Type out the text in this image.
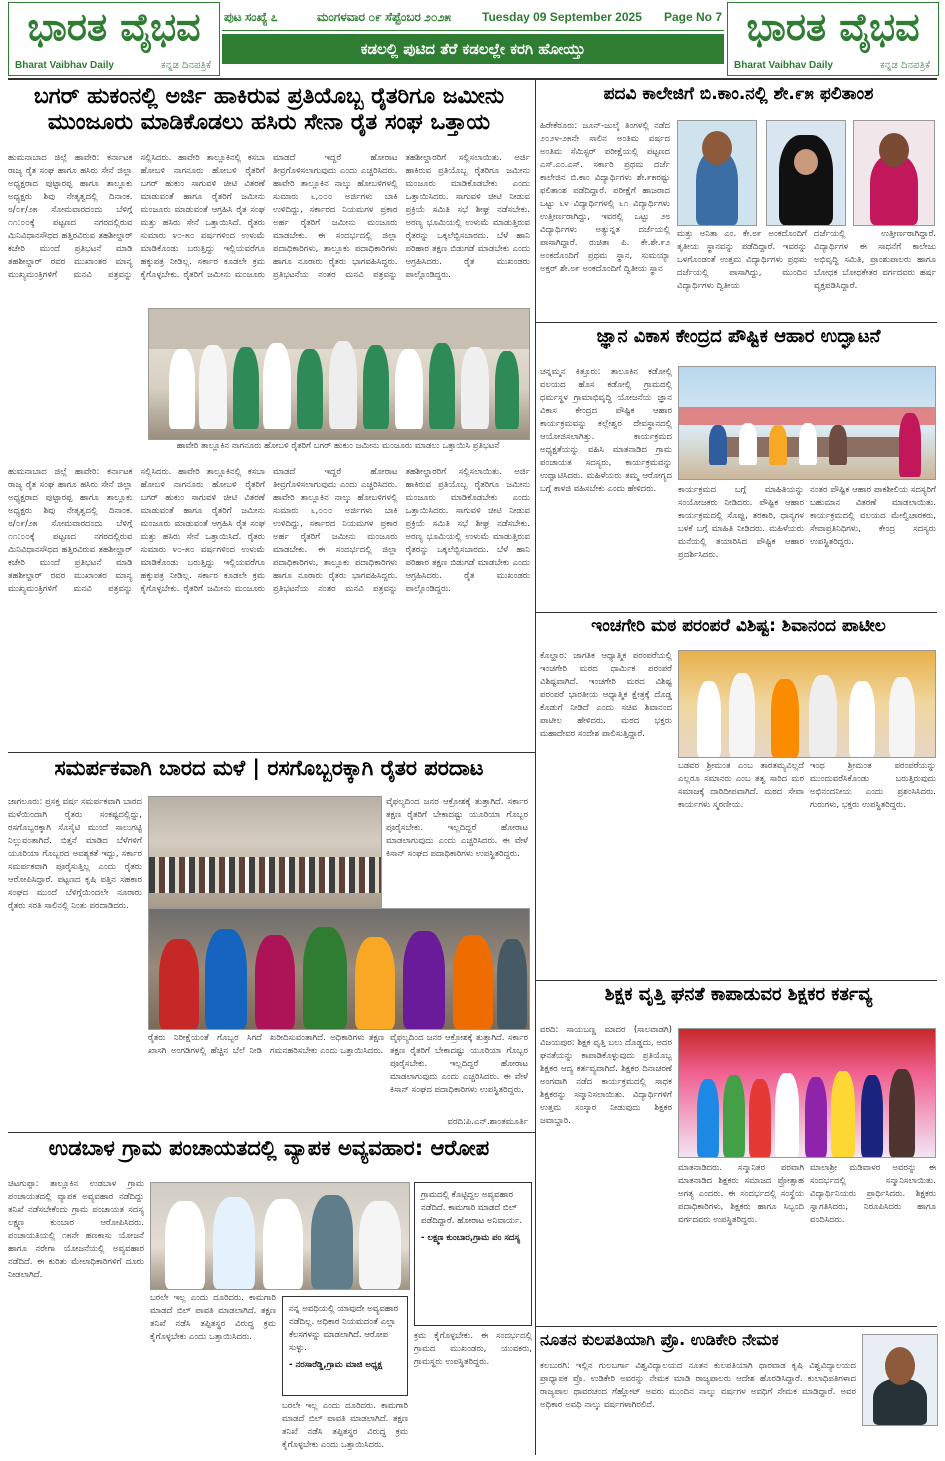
ಭಾರತ ವೈಭವ
Bharat Vaibhav Daily	ಕನ್ನಡ ದಿನಪತ್ರಿಕೆ
ಪುಟ ಸಂಖ್ಯೆ ೭	ಮಂಗಳವಾರ ೦೯ ಸೆಪ್ಟೆಂಬರ ೨೦೨೫	Tuesday 09 September 2025 Page No 7
ಕಡಲಲ್ಲಿ ಪುಟಿದ ತೆರೆ ಕಡಲಲ್ಲೇ ಕರಗಿ ಹೋಯ್ತು	ಭಾರತ ವೈಭವ
Bharat Vaibhav Daily	ಕನ್ನಡ ದಿನಪತ್ರಿಕೆ
ಬಗರ್ ಹುಕಂನಲ್ಲಿ ಅರ್ಜಿ ಹಾಕಿರುವ ಪ್ರತಿಯೊಬ್ಬ ರೈತರಿಗೂ ಜಮೀನು ಮುಂಜೂರು ಮಾಡಿಕೊಡಲು ಹಸಿರು ಸೇನಾ ರೈತ ಸಂಘ ಒತ್ತಾಯ
ಹುಮನಾಬಾದ ಜಿಲ್ಲೆ ಹಾವೇರಿ: ಕರ್ನಾಟಕ ರಾಜ್ಯ ರೈತ ಸಂಘ ಹಾಗೂ ಹಸಿರು ಸೇನೆ ಜಿಲ್ಲಾ ಅಧ್ಯಕ್ಷರಾದ ಪುಟ್ಟಾರಪ್ಪ ಹಾಗೂ ತಾಲ್ಲೂಕು ಅಧ್ಯಕ್ಷರು ಶಿವು ನೇತೃತ್ವದಲ್ಲಿ ದಿನಾಂಕ. ೮/೦೯/೨೫ ಸೋಮವಾರದಂದು ಬೆಳಿಗ್ಗೆ ೧೧:೦೦ಕ್ಕೆ ಪಟ್ಟಣದ ನಗರದಲ್ಲಿರುವ ಮಿನಿವಿಧಾನಸೌಧದ ಹತ್ತಿರವಿರುವ ತಹಶೀಲ್ದಾರ್ ಕಚೇರಿ ಮುಂದೆ ಪ್ರತಿಭಟನೆ ಮಾಡಿ ತಹಶೀಲ್ದಾರ್ ರವರ ಮುಖಾಂತರ ಮಾನ್ಯ ಮುಖ್ಯಮಂತ್ರಿಗಳಿಗೆ ಮನವಿ ಪತ್ರವನ್ನು ಸಲ್ಲಿಸಿದರು. ಹಾವೇರಿ ತಾಲ್ಲೂಕಿನಲ್ಲಿ ಕಸಬಾ ಹೋಬಳಿ ನಾಗನೂರು ಹೋಬಳಿ ರೈತರಿಗೆ ಬಗರ್ ಹುಕುಂ ಸಾಗುವಳಿ ಚೀಟಿ ವಿತರಣೆ ಮಾಡುವಂತೆ ಹಾಗೂ ರೈತರಿಗೆ ಜಮೀನು ಮಂಜೂರು ಮಾಡುವಂತೆ ಆಗ್ರಹಿಸಿ ರೈತ ಸಂಘ ಮತ್ತು ಹಸಿರು ಸೇನೆ ಒತ್ತಾಯಿಸಿದೆ. ರೈತರು ಸುಮಾರು ೪೦-೫೦ ವರ್ಷಗಳಿಂದ ಉಳುಮೆ ಮಾಡಿಕೊಂಡು ಬರುತ್ತಿದ್ದು ಇಲ್ಲಿಯವರೆಗೂ ಹಕ್ಕುಪತ್ರ ನೀಡಿಲ್ಲ. ಸರ್ಕಾರ ಕೂಡಲೇ ಕ್ರಮ ಕೈಗೊಳ್ಳಬೇಕು. ರೈತರಿಗೆ ಜಮೀನು ಮಂಜೂರು ಮಾಡದೆ ಇದ್ದರೆ ಹೋರಾಟ ತೀವ್ರಗೊಳಿಸಲಾಗುವುದು ಎಂದು ಎಚ್ಚರಿಸಿದರು. ಹಾವೇರಿ ತಾಲ್ಲೂಕಿನ ನಾಲ್ಕು ಹೋಬಳಿಗಳಲ್ಲಿ ಸುಮಾರು ೬,೦೦೦ ಅರ್ಜಿಗಳು ಬಾಕಿ ಉಳಿದಿದ್ದು, ಸರ್ಕಾರದ ನಿಯಮಗಳ ಪ್ರಕಾರ ಅರ್ಹ ರೈತರಿಗೆ ಜಮೀನು ಮಂಜೂರು ಮಾಡಬೇಕು. ಈ ಸಂದರ್ಭದಲ್ಲಿ ಜಿಲ್ಲಾ ಪದಾಧಿಕಾರಿಗಳು, ತಾಲ್ಲೂಕು ಪದಾಧಿಕಾರಿಗಳು ಹಾಗೂ ನೂರಾರು ರೈತರು ಭಾಗವಹಿಸಿದ್ದರು. ಪ್ರತಿಭಟನೆಯ ನಂತರ ಮನವಿ ಪತ್ರವನ್ನು ತಹಶೀಲ್ದಾರರಿಗೆ ಸಲ್ಲಿಸಲಾಯಿತು. ಅರ್ಜಿ ಹಾಕಿರುವ ಪ್ರತಿಯೊಬ್ಬ ರೈತರಿಗೂ ಜಮೀನು ಮಂಜೂರು ಮಾಡಿಕೊಡಬೇಕು ಎಂದು ಒತ್ತಾಯಿಸಿದರು. ಸಾಗುವಳಿ ಚೀಟಿ ನೀಡುವ ಪ್ರಕ್ರಿಯೆ ಸಮಿತಿ ಸಭೆ ಶೀಘ್ರ ನಡೆಸಬೇಕು. ಅರಣ್ಯ ಭೂಮಿಯಲ್ಲಿ ಉಳುಮೆ ಮಾಡುತ್ತಿರುವ ರೈತರನ್ನು ಒಕ್ಕಲೆಬ್ಬಿಸಬಾರದು. ಬೆಳೆ ಹಾನಿ ಪರಿಹಾರ ತಕ್ಷಣ ಬಿಡುಗಡೆ ಮಾಡಬೇಕು ಎಂದು ಆಗ್ರಹಿಸಿದರು. ರೈತ ಮುಖಂಡರು ಪಾಲ್ಗೊಂಡಿದ್ದರು.
ಹಾವೇರಿ ತಾಲ್ಲೂಕಿನ ನಾಗನೂರು ಹೋಬಳಿ ರೈತರಿಗೆ ಬಗರ್ ಹುಕುಂ ಜಮೀನು ಮಂಜೂರು ಮಾಡಲು ಒತ್ತಾಯಿಸಿ ಪ್ರತಿಭಟನೆ
ಹುಮನಾಬಾದ ಜಿಲ್ಲೆ ಹಾವೇರಿ: ಕರ್ನಾಟಕ ರಾಜ್ಯ ರೈತ ಸಂಘ ಹಾಗೂ ಹಸಿರು ಸೇನೆ ಜಿಲ್ಲಾ ಅಧ್ಯಕ್ಷರಾದ ಪುಟ್ಟಾರಪ್ಪ ಹಾಗೂ ತಾಲ್ಲೂಕು ಅಧ್ಯಕ್ಷರು ಶಿವು ನೇತೃತ್ವದಲ್ಲಿ ದಿನಾಂಕ. ೮/೦೯/೨೫ ಸೋಮವಾರದಂದು ಬೆಳಿಗ್ಗೆ ೧೧:೦೦ಕ್ಕೆ ಪಟ್ಟಣದ ನಗರದಲ್ಲಿರುವ ಮಿನಿವಿಧಾನಸೌಧದ ಹತ್ತಿರವಿರುವ ತಹಶೀಲ್ದಾರ್ ಕಚೇರಿ ಮುಂದೆ ಪ್ರತಿಭಟನೆ ಮಾಡಿ ತಹಶೀಲ್ದಾರ್ ರವರ ಮುಖಾಂತರ ಮಾನ್ಯ ಮುಖ್ಯಮಂತ್ರಿಗಳಿಗೆ ಮನವಿ ಪತ್ರವನ್ನು ಸಲ್ಲಿಸಿದರು. ಹಾವೇರಿ ತಾಲ್ಲೂಕಿನಲ್ಲಿ ಕಸಬಾ ಹೋಬಳಿ ನಾಗನೂರು ಹೋಬಳಿ ರೈತರಿಗೆ ಬಗರ್ ಹುಕುಂ ಸಾಗುವಳಿ ಚೀಟಿ ವಿತರಣೆ ಮಾಡುವಂತೆ ಹಾಗೂ ರೈತರಿಗೆ ಜಮೀನು ಮಂಜೂರು ಮಾಡುವಂತೆ ಆಗ್ರಹಿಸಿ ರೈತ ಸಂಘ ಮತ್ತು ಹಸಿರು ಸೇನೆ ಒತ್ತಾಯಿಸಿದೆ. ರೈತರು ಸುಮಾರು ೪೦-೫೦ ವರ್ಷಗಳಿಂದ ಉಳುಮೆ ಮಾಡಿಕೊಂಡು ಬರುತ್ತಿದ್ದು ಇಲ್ಲಿಯವರೆಗೂ ಹಕ್ಕುಪತ್ರ ನೀಡಿಲ್ಲ. ಸರ್ಕಾರ ಕೂಡಲೇ ಕ್ರಮ ಕೈಗೊಳ್ಳಬೇಕು. ರೈತರಿಗೆ ಜಮೀನು ಮಂಜೂರು ಮಾಡದೆ ಇದ್ದರೆ ಹೋರಾಟ ತೀವ್ರಗೊಳಿಸಲಾಗುವುದು ಎಂದು ಎಚ್ಚರಿಸಿದರು. ಹಾವೇರಿ ತಾಲ್ಲೂಕಿನ ನಾಲ್ಕು ಹೋಬಳಿಗಳಲ್ಲಿ ಸುಮಾರು ೬,೦೦೦ ಅರ್ಜಿಗಳು ಬಾಕಿ ಉಳಿದಿದ್ದು, ಸರ್ಕಾರದ ನಿಯಮಗಳ ಪ್ರಕಾರ ಅರ್ಹ ರೈತರಿಗೆ ಜಮೀನು ಮಂಜೂರು ಮಾಡಬೇಕು. ಈ ಸಂದರ್ಭದಲ್ಲಿ ಜಿಲ್ಲಾ ಪದಾಧಿಕಾರಿಗಳು, ತಾಲ್ಲೂಕು ಪದಾಧಿಕಾರಿಗಳು ಹಾಗೂ ನೂರಾರು ರೈತರು ಭಾಗವಹಿಸಿದ್ದರು. ಪ್ರತಿಭಟನೆಯ ನಂತರ ಮನವಿ ಪತ್ರವನ್ನು ತಹಶೀಲ್ದಾರರಿಗೆ ಸಲ್ಲಿಸಲಾಯಿತು. ಅರ್ಜಿ ಹಾಕಿರುವ ಪ್ರತಿಯೊಬ್ಬ ರೈತರಿಗೂ ಜಮೀನು ಮಂಜೂರು ಮಾಡಿಕೊಡಬೇಕು ಎಂದು ಒತ್ತಾಯಿಸಿದರು. ಸಾಗುವಳಿ ಚೀಟಿ ನೀಡುವ ಪ್ರಕ್ರಿಯೆ ಸಮಿತಿ ಸಭೆ ಶೀಘ್ರ ನಡೆಸಬೇಕು. ಅರಣ್ಯ ಭೂಮಿಯಲ್ಲಿ ಉಳುಮೆ ಮಾಡುತ್ತಿರುವ ರೈತರನ್ನು ಒಕ್ಕಲೆಬ್ಬಿಸಬಾರದು. ಬೆಳೆ ಹಾನಿ ಪರಿಹಾರ ತಕ್ಷಣ ಬಿಡುಗಡೆ ಮಾಡಬೇಕು ಎಂದು ಆಗ್ರಹಿಸಿದರು. ರೈತ ಮುಖಂಡರು ಪಾಲ್ಗೊಂಡಿದ್ದರು.
ಪದವಿ ಕಾಲೇಜಿಗೆ ಬಿ.ಕಾಂ.ನಲ್ಲಿ ಶೇ.೯೫ ಫಲಿತಾಂಶ
ಹಿರೇಕೆರೂರು: ಜೂನ್-ಜುಲೈ ತಿಂಗಳಲ್ಲಿ ನಡೆದ ೨೦೨೪-೨೫ನೇ ಸಾಲಿನ ಅಂತಿಮ ವರ್ಷದ ಅಂತಿಮ ಸೆಮಿಸ್ಟರ್ ಪರೀಕ್ಷೆಯಲ್ಲಿ ಪಟ್ಟಣದ ಎಸ್.ಎಂ.ಎಸ್. ಸರ್ಕಾರಿ ಪ್ರಥಮ ದರ್ಜೆ ಕಾಲೇಜಿನ ಬಿ.ಕಾಂ ವಿದ್ಯಾರ್ಥಿಗಳು ಶೇ.೯೫ರಷ್ಟು ಫಲಿತಾಂಶ ಪಡೆದಿದ್ದಾರೆ. ಪರೀಕ್ಷೆಗೆ ಹಾಜರಾದ ಒಟ್ಟು ೬೪ ವಿದ್ಯಾರ್ಥಿಗಳಲ್ಲಿ ೬೧ ವಿದ್ಯಾರ್ಥಿಗಳು ಉತ್ತೀರ್ಣರಾಗಿದ್ದು, ಇವರಲ್ಲಿ ಒಟ್ಟು ೨೮ ವಿದ್ಯಾರ್ಥಿಗಳು ಅತ್ಯುನ್ನತ ದರ್ಜೆಯಲ್ಲಿ ಪಾಸಾಗಿದ್ದಾರೆ. ರುಚಿತಾ ಪಿ. ಕೇ.ಶೇ.೯೨ ಅಂಕದೊಂದಿಗೆ ಪ್ರಥಮ ಸ್ಥಾನ, ಸುಮಯ್ಯಾ ಅಕ್ತರ್ ಶೇ.೮೯ ಅಂಕದೊಂದಿಗೆ ದ್ವಿತೀಯ ಸ್ಥಾನ
ಮತ್ತು ಅನಿತಾ ಎಂ. ಕೇ.೮೯ ಅಂಕದೊಂದಿಗೆ ತೃತೀಯ ಸ್ಥಾನವನ್ನು ಪಡೆದಿದ್ದಾರೆ. ಇವರನ್ನು ಒಳಗೊಂಡಂತೆ ಉತ್ತಮ ವಿದ್ಯಾರ್ಥಿಗಳು ಪ್ರಥಮ ದರ್ಜೆಯಲ್ಲಿ ಪಾಸಾಗಿದ್ದು, ಮುಂದಿನ ವಿದ್ಯಾರ್ಥಿಗಳು ದ್ವಿತೀಯ
ದರ್ಜೆಯಲ್ಲಿ ಉತ್ತೀರ್ಣರಾಗಿದ್ದಾರೆ. ವಿದ್ಯಾರ್ಥಿಗಳ ಈ ಸಾಧನೆಗೆ ಕಾಲೇಜು ಅಭಿವೃದ್ಧಿ ಸಮಿತಿ, ಪ್ರಾಂಶುಪಾಲರು ಹಾಗೂ ಬೋಧಕ ಬೋಧಕೇತರ ವರ್ಗದವರು ಹರ್ಷ ವ್ಯಕ್ತಪಡಿಸಿದ್ದಾರೆ.
ಜ್ಞಾನ ವಿಕಾಸ ಕೇಂದ್ರದ ಪೌಷ್ಟಿಕ ಆಹಾರ ಉದ್ಘಾಟನೆ
ಚನ್ನಮ್ಮನ ಕಿತ್ತೂರು: ತಾಲೂಕಿನ ಕಡೋಲ್ಲಿ ವಲಯದ ಹೊಸ ಕಡೋಲ್ಲಿ ಗ್ರಾಮದಲ್ಲಿ ಧರ್ಮಸ್ಥಳ ಗ್ರಾಮಾಭಿವೃದ್ಧಿ ಯೋಜನೆಯ ಜ್ಞಾನ ವಿಕಾಸ ಕೇಂದ್ರದ ಪೌಷ್ಟಿಕ ಆಹಾರ ಕಾರ್ಯಕ್ರಮವನ್ನು ಕಲ್ಲೇಶ್ವರ ದೇವಸ್ಥಾನದಲ್ಲಿ ಆಯೋಜಿಸಲಾಗಿತ್ತು. ಕಾರ್ಯಕ್ರಮದ ಅಧ್ಯಕ್ಷತೆಯನ್ನು ವಹಿಸಿ ಮಾತನಾಡಿದ ಗ್ರಾಮ ಪಂಚಾಯತ ಸದಸ್ಯರು, ಕಾರ್ಯಕ್ರಮವನ್ನು ಉದ್ಘಾಟಿಸಿದರು. ಮಹಿಳೆಯರು ತಮ್ಮ ಆರೋಗ್ಯದ ಬಗ್ಗೆ ಕಾಳಜಿ ವಹಿಸಬೇಕು ಎಂದು ಹೇಳಿದರು.	ಕಾರ್ಯಕ್ರಮದ ಬಗ್ಗೆ ಮಾಹಿತಿಯನ್ನು ಸಂಯೋಜಕರು ನೀಡಿದರು. ಪೌಷ್ಟಿಕ ಆಹಾರ ಕಾರ್ಯಕ್ರಮದಲ್ಲಿ ಸೊಪ್ಪು, ತರಕಾರಿ, ಧಾನ್ಯಗಳ ಬಳಕೆ ಬಗ್ಗೆ ಮಾಹಿತಿ ನೀಡಿದರು. ಮಹಿಳೆಯರು ಮನೆಯಲ್ಲಿ ತಯಾರಿಸಿದ ಪೌಷ್ಟಿಕ ಆಹಾರ ಪ್ರದರ್ಶಿಸಿದರು.
ನಂತರ ಪೌಷ್ಟಿಕ ಆಹಾರ ಪಾಕಶೀಲಿಯ ಸದಸ್ಯರಿಗೆ ಬಹುಮಾನ ವಿತರಣೆ ಮಾಡಲಾಯಿತು. ಕಾರ್ಯಕ್ರಮದಲ್ಲಿ ವಲಯದ ಮೇಲ್ವಿಚಾರಕರು, ಸೇವಾಪ್ರತಿನಿಧಿಗಳು, ಕೇಂದ್ರ ಸದಸ್ಯರು ಉಪಸ್ಥಿತರಿದ್ದರು.
ಇಂಚಗೇರಿ ಮಠ ಪರಂಪರೆ ವಿಶಿಷ್ಟ: ಶಿವಾನಂದ ಪಾಟೀಲ
ಕೊಲ್ಹಾರ: ಜಾಗತಿಕ ಆಧ್ಯಾತ್ಮಿಕ ಪರಂಪರೆಯಲ್ಲಿ ಇಂಚಗೇರಿ ಮಠದ ಧಾರ್ಮಿಕ ಪರಂಪರೆ ವಿಶಿಷ್ಟವಾಗಿದೆ. ಇಂಚಗೇರಿ ಮಠದ ವಿಶಿಷ್ಟ ಪರಂಪರೆ ಭಾರತೀಯ ಆಧ್ಯಾತ್ಮಿಕ ಕ್ಷೇತ್ರಕ್ಕೆ ದೊಡ್ಡ ಕೊಡುಗೆ ನೀಡಿದೆ ಎಂದು ಸಚಿವ ಶಿವಾನಂದ ಪಾಟೀಲ ಹೇಳಿದರು. ಮಠದ ಭಕ್ತರು ಮಹಾದೇವರ ಸಂದೇಶ ಪಾಲಿಸುತ್ತಿದ್ದಾರೆ.
ಬಡವರ ಶ್ರೀಮಂತ ಎಂಬ ತಾರತಮ್ಯವಿಲ್ಲದೆ ಎಲ್ಲರೂ ಸಮಾನರು ಎಂಬ ತತ್ವ ಸಾರಿದ ಮಠ ಸಮಾಜಕ್ಕೆ ದಾರಿದೀಪವಾಗಿದೆ. ಮಠದ ಸೇವಾ ಕಾರ್ಯಗಳು ಸ್ಮರಣೀಯ.
ಇಂಥ ಶ್ರೀಮಂತ ಪರಂಪರೆಯನ್ನು ಮುಂದುವರೆಸಿಕೊಂಡು ಬರುತ್ತಿರುವುದು ಅಭಿನಂದನೀಯ ಎಂದು ಪ್ರಶಂಸಿಸಿದರು. ಗುರುಗಳು, ಭಕ್ತರು ಉಪಸ್ಥಿತರಿದ್ದರು.
ಸಮರ್ಪಕವಾಗಿ ಬಾರದ ಮಳೆ | ರಸಗೊಬ್ಬರಕ್ಕಾಗಿ ರೈತರ ಪರದಾಟ
ಜಾಗಲೂರು: ಪ್ರಸಕ್ತ ವರ್ಷ ಸಮರ್ಪಕವಾಗಿ ಬಾರದ ಮಳೆಯಿಂದಾಗಿ ರೈತರು ಸಂಕಷ್ಟದಲ್ಲಿದ್ದು, ರಸಗೊಬ್ಬರಕ್ಕಾಗಿ ಸೊಸೈಟಿ ಮುಂದೆ ಸಾಲುಗಟ್ಟಿ ನಿಲ್ಲುವಂತಾಗಿದೆ. ಬಿತ್ತನೆ ಮಾಡಿದ ಬೆಳೆಗಳಿಗೆ ಯೂರಿಯಾ ಗೊಬ್ಬರದ ಅವಶ್ಯಕತೆ ಇದ್ದು, ಸರ್ಕಾರ ಸಮರ್ಪಕವಾಗಿ ಪೂರೈಸುತ್ತಿಲ್ಲ ಎಂದು ರೈತರು ಆರೋಪಿಸಿದ್ದಾರೆ. ಪಟ್ಟಣದ ಕೃಷಿ ಪತ್ತಿನ ಸಹಕಾರ ಸಂಘದ ಮುಂದೆ ಬೆಳಿಗ್ಗೆಯಿಂದಲೇ ನೂರಾರು ರೈತರು ಸರತಿ ಸಾಲಿನಲ್ಲಿ ನಿಂತು ಪರದಾಡಿದರು.
ವೈಫಲ್ಯದಿಂದ ಜನರ ಆಕ್ರೋಶಕ್ಕೆ ತುತ್ತಾಗಿದೆ. ಸರ್ಕಾರ ತಕ್ಷಣ ರೈತರಿಗೆ ಬೇಕಾದಷ್ಟು ಯೂರಿಯಾ ಗೊಬ್ಬರ ಪೂರೈಸಬೇಕು. ಇಲ್ಲದಿದ್ದರೆ ಹೋರಾಟ ಮಾಡಲಾಗುವುದು ಎಂದು ಎಚ್ಚರಿಸಿದರು. ಈ ವೇಳೆ ಕಿಸಾನ್ ಸಂಘದ ಪದಾಧಿಕಾರಿಗಳು ಉಪಸ್ಥಿತರಿದ್ದರು.
ರೈತರು ನಿರೀಕ್ಷೆಯಂತೆ ಗೊಬ್ಬರ ಸಿಗದೆ ಖಾಸಗಿ ಅಂಗಡಿಗಳಲ್ಲಿ ಹೆಚ್ಚಿನ ಬೆಲೆ ನೀಡಿ ಖರೀದಿಸುವಂತಾಗಿದೆ. ಅಧಿಕಾರಿಗಳು ತಕ್ಷಣ ಗಮನಹರಿಸಬೇಕು ಎಂದು ಒತ್ತಾಯಿಸಿದರು.
ವೈಫಲ್ಯದಿಂದ ಜನರ ಆಕ್ರೋಶಕ್ಕೆ ತುತ್ತಾಗಿದೆ. ಸರ್ಕಾರ ತಕ್ಷಣ ರೈತರಿಗೆ ಬೇಕಾದಷ್ಟು ಯೂರಿಯಾ ಗೊಬ್ಬರ ಪೂರೈಸಬೇಕು. ಇಲ್ಲದಿದ್ದರೆ ಹೋರಾಟ ಮಾಡಲಾಗುವುದು ಎಂದು ಎಚ್ಚರಿಸಿದರು. ಈ ವೇಳೆ ಕಿಸಾನ್ ಸಂಘದ ಪದಾಧಿಕಾರಿಗಳು ಉಪಸ್ಥಿತರಿದ್ದರು.
ವರದಿ:ಪಿ.ಎನ್.ಶಾಂತಮೂರ್ತಿ
ಶಿಕ್ಷಕ ವೃತ್ತಿ ಘನತೆ ಕಾಪಾಡುವರ ಶಿಕ್ಷಕರ ಕರ್ತವ್ಯ
ವರದಿ: ಸಾಯಬಣ್ಣ ಮಾದರ (ಸಾಲವಾಡಗಿ) ವಿಜಯಪುರ: ಶಿಕ್ಷಕ ವೃತ್ತಿ ಬಲು ದೊಡ್ಡದು, ಅದರ ಘನತೆಯನ್ನು ಕಾಪಾಡಿಕೊಳ್ಳುವುದು ಪ್ರತಿಯೊಬ್ಬ ಶಿಕ್ಷಕರ ಆದ್ಯ ಕರ್ತವ್ಯವಾಗಿದೆ. ಶಿಕ್ಷಕರ ದಿನಾಚರಣೆ ಅಂಗವಾಗಿ ನಡೆದ ಕಾರ್ಯಕ್ರಮದಲ್ಲಿ ಸಾಧಕ ಶಿಕ್ಷಕರನ್ನು ಸನ್ಮಾನಿಸಲಾಯಿತು. ವಿದ್ಯಾರ್ಥಿಗಳಿಗೆ ಉತ್ತಮ ಸಂಸ್ಕಾರ ನೀಡುವುದು ಶಿಕ್ಷಕರ ಜವಾಬ್ದಾರಿ.
ಮಾತನಾಡಿದರು. ಸನ್ಮಾನಿತರ ಪರವಾಗಿ ಮಾತನಾಡಿದ ಶಿಕ್ಷಕರು ಸಮಾಜದ ಪ್ರೋತ್ಸಾಹ ಅಗತ್ಯ ಎಂದರು. ಈ ಸಂದರ್ಭದಲ್ಲಿ ಸಂಸ್ಥೆಯ ಪದಾಧಿಕಾರಿಗಳು, ಶಿಕ್ಷಕರು ಹಾಗೂ ಸಿಬ್ಬಂದಿ ವರ್ಗದವರು ಉಪಸ್ಥಿತರಿದ್ದರು.
ಮಾಲಾಶ್ರೀ ಮಡಿವಾಳರ ಅವರನ್ನು ಈ ಸಂದರ್ಭದಲ್ಲಿ ಸನ್ಮಾನಿಸಲಾಯಿತು. ವಿದ್ಯಾರ್ಥಿನಿಯರು ಪ್ರಾರ್ಥಿಸಿದರು. ಶಿಕ್ಷಕರು ಸ್ವಾಗತಿಸಿದರು, ನಿರೂಪಿಸಿದರು ಹಾಗೂ ವಂದಿಸಿದರು.
ಉಡಬಾಳ ಗ್ರಾಮ ಪಂಚಾಯತದಲ್ಲಿ ವ್ಯಾಪಕ ಅವ್ಯವಹಾರ: ಆರೋಪ
ಚಿಟಗುಪ್ಪಾ: ತಾಲ್ಲೂಕಿನ ಉಡಬಾಳ ಗ್ರಾಮ ಪಂಚಾಯತದಲ್ಲಿ ವ್ಯಾಪಕ ಅವ್ಯವಹಾರ ನಡೆದಿದ್ದು ತನಿಖೆ ನಡೆಸಬೇಕೆಂದು ಗ್ರಾಮ ಪಂಚಾಯತ ಸದಸ್ಯ ಲಕ್ಷ್ಮಣ ಕುಂಬಾರ ಆರೋಪಿಸಿದರು. ಪಂಚಾಯತಿಯಲ್ಲಿ ೧೫ನೇ ಹಣಕಾಸು ಯೋಜನೆ ಹಾಗೂ ನರೇಗಾ ಯೋಜನೆಯಲ್ಲಿ ಅವ್ಯವಹಾರ ನಡೆದಿದೆ. ಈ ಕುರಿತು ಮೇಲಾಧಿಕಾರಿಗಳಿಗೆ ದೂರು ನೀಡಲಾಗಿದೆ.
ಗ್ರಾಮದಲ್ಲಿ ಕೊಟ್ಟಿದ್ದಲ ಅವ್ಯವಹಾರ ನಡೆದಿದೆ. ಕಾಮಗಾರಿ ಮಾಡದೆ ಬಿಲ್ ಪಡೆದಿದ್ದಾರೆ. ಹೋರಾಟ ಅನಿವಾರ್ಯ.
- ಲಕ್ಷ್ಮಣ ಕುಂಬಾರ,ಗ್ರಾಮ ಪಂ ಸದಸ್ಯ
ಬರಲೇ ಇಲ್ಲ ಎಂದು ದೂರಿದರು. ಕಾಮಗಾರಿ ಮಾಡದೆ ಬಿಲ್ ಪಾವತಿ ಮಾಡಲಾಗಿದೆ. ತಕ್ಷಣ ತನಿಖೆ ನಡೆಸಿ ತಪ್ಪಿತಸ್ಥರ ವಿರುದ್ಧ ಕ್ರಮ ಕೈಗೊಳ್ಳಬೇಕು ಎಂದು ಒತ್ತಾಯಿಸಿದರು.
ನನ್ನ ಅವಧಿಯಲ್ಲಿ ಯಾವುದೇ ಅವ್ಯವಹಾರ ನಡೆದಿಲ್ಲ. ಅಧಿಕಾರ ನಿಯಮದಂತೆ ಎಲ್ಲಾ ಕೆಲಸಗಳನ್ನು ಮಾಡಲಾಗಿದೆ. ಆರೋಪ ಸುಳ್ಳು.
- ನರಸಾರೆಡ್ಡಿ,ಗ್ರಾಮ ಮಾಜಿ ಅಧ್ಯಕ್ಷ
ಬರಲೇ ಇಲ್ಲ ಎಂದು ದೂರಿದರು. ಕಾಮಗಾರಿ ಮಾಡದೆ ಬಿಲ್ ಪಾವತಿ ಮಾಡಲಾಗಿದೆ. ತಕ್ಷಣ ತನಿಖೆ ನಡೆಸಿ ತಪ್ಪಿತಸ್ಥರ ವಿರುದ್ಧ ಕ್ರಮ ಕೈಗೊಳ್ಳಬೇಕು ಎಂದು ಒತ್ತಾಯಿಸಿದರು.
ಕ್ರಮ ಕೈಗೊಳ್ಳಬೇಕು. ಈ ಸಂದರ್ಭದಲ್ಲಿ ಗ್ರಾಮದ ಮುಖಂಡರು, ಯುವಕರು, ಗ್ರಾಮಸ್ಥರು ಉಪಸ್ಥಿತರಿದ್ದರು.
ನೂತನ ಕುಲಪತಿಯಾಗಿ ಪ್ರೊ. ಉಡಿಕೇರಿ ನೇಮಕ
ಕಲಬುರಗಿ: ಇಲ್ಲಿನ ಗುಲಬರ್ಗಾ ವಿಶ್ವವಿದ್ಯಾಲಯದ ನೂತನ ಕುಲಪತಿಯಾಗಿ ಧಾರವಾಡ ಕೃಷಿ ವಿಶ್ವವಿದ್ಯಾಲಯದ ಪ್ರಾಧ್ಯಾಪಕ ಪ್ರೊ. ಉಡಿಕೇರಿ ಅವರನ್ನು ನೇಮಕ ಮಾಡಿ ರಾಜ್ಯಪಾಲರು ಆದೇಶ ಹೊರಡಿಸಿದ್ದಾರೆ. ಕುಲಾಧಿಪತಿಗಳಾದ ರಾಜ್ಯಪಾಲ ಥಾವರಚಂದ ಗೆಹ್ಲೋಟ್ ಅವರು ಮುಂದಿನ ನಾಲ್ಕು ವರ್ಷಗಳ ಅವಧಿಗೆ ನೇಮಕ ಮಾಡಿದ್ದಾರೆ. ಅವರ ಅಧಿಕಾರ ಅವಧಿ ನಾಲ್ಕು ವರ್ಷಗಳಾಗಿರಲಿದೆ.
